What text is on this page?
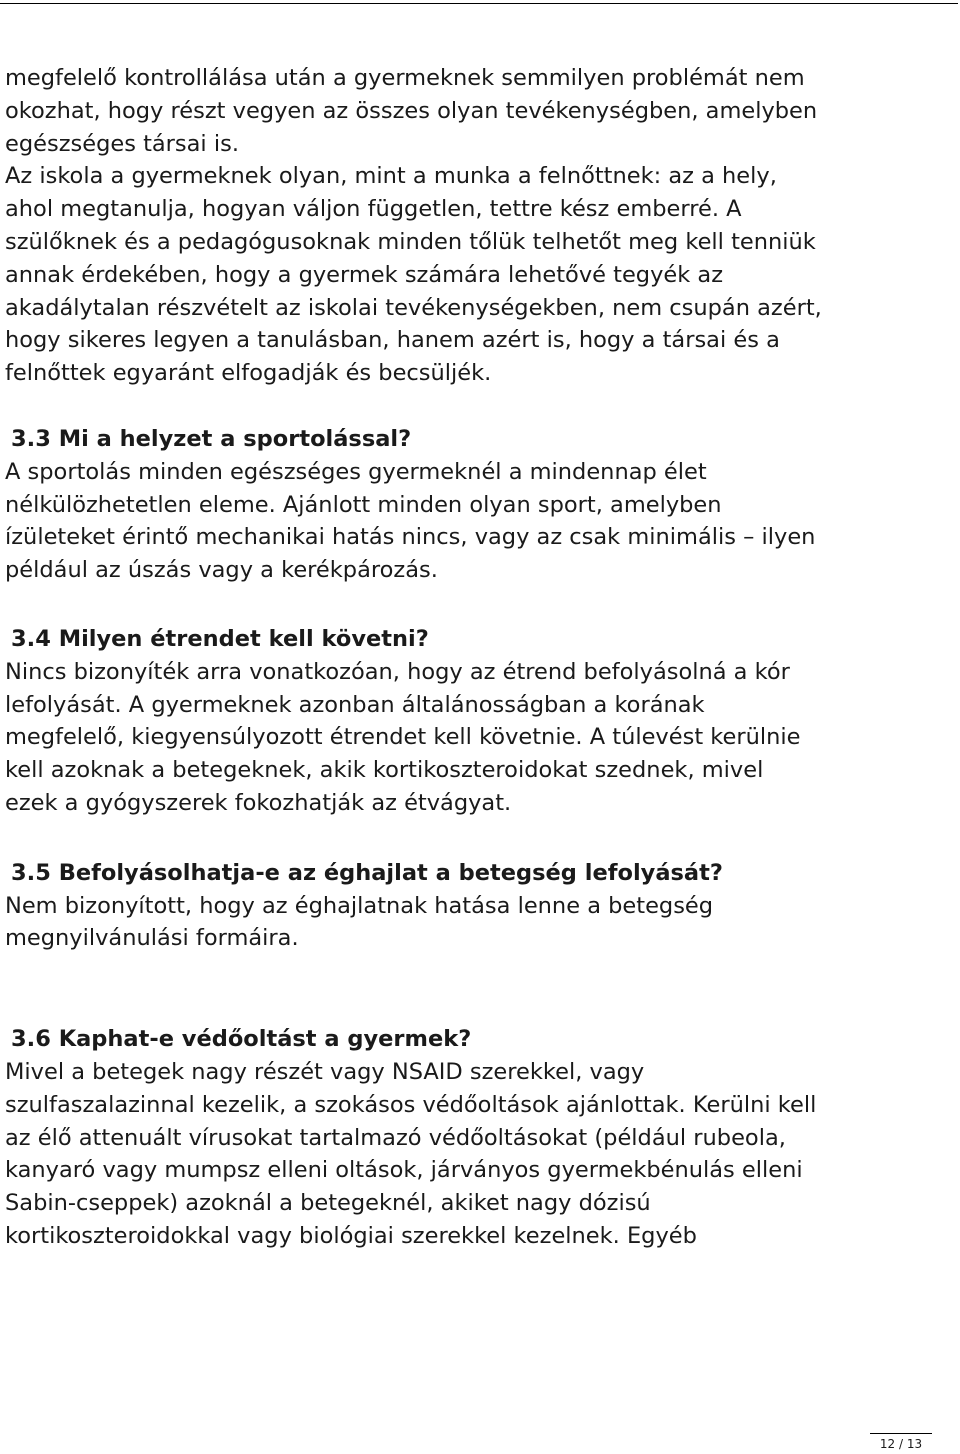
megfelelő kontrollálása után a gyermeknek semmilyen problémát nem

okozhat, hogy részt vegyen az összes olyan tevékenységben, amelyben

egészséges társai is.

Az iskola a gyermeknek olyan, mint a munka a felnőttnek: az a hely,

ahol megtanulja, hogyan váljon független, tettre kész emberré. A

szülőknek és a pedagógusoknak minden tőlük telhetőt meg kell tenniük

annak érdekében, hogy a gyermek számára lehetővé tegyék az

akadálytalan részvételt az iskolai tevékenységekben, nem csupán azért,

hogy sikeres legyen a tanulásban, hanem azért is, hogy a társai és a

felnőttek egyaránt elfogadják és becsüljék.

3.3 Mi a helyzet a sportolással?

A sportolás minden egészséges gyermeknél a mindennap élet

nélkülözhetetlen eleme. Ajánlott minden olyan sport, amelyben

ízületeket érintő mechanikai hatás nincs, vagy az csak minimális – ilyen

például az úszás vagy a kerékpározás.

3.4 Milyen étrendet kell követni?

Nincs bizonyíték arra vonatkozóan, hogy az étrend befolyásolná a kór

lefolyását. A gyermeknek azonban általánosságban a korának

megfelelő, kiegyensúlyozott étrendet kell követnie. A túlevést kerülnie

kell azoknak a betegeknek, akik kortikoszteroidokat szednek, mivel

ezek a gyógyszerek fokozhatják az étvágyat.

3.5 Befolyásolhatja-e az éghajlat a betegség lefolyását?

Nem bizonyított, hogy az éghajlatnak hatása lenne a betegség

megnyilvánulási formáira.

3.6 Kaphat-e védőoltást a gyermek?

Mivel a betegek nagy részét vagy NSAID szerekkel, vagy

szulfaszalazinnal kezelik, a szokásos védőoltások ajánlottak. Kerülni kell

az élő attenuált vírusokat tartalmazó védőoltásokat (például rubeola,

kanyaró vagy mumpsz elleni oltások, járványos gyermekbénulás elleni

Sabin-cseppek) azoknál a betegeknél, akiket nagy dózisú

kortikoszteroidokkal vagy biológiai szerekkel kezelnek. Egyéb

12 / 13
